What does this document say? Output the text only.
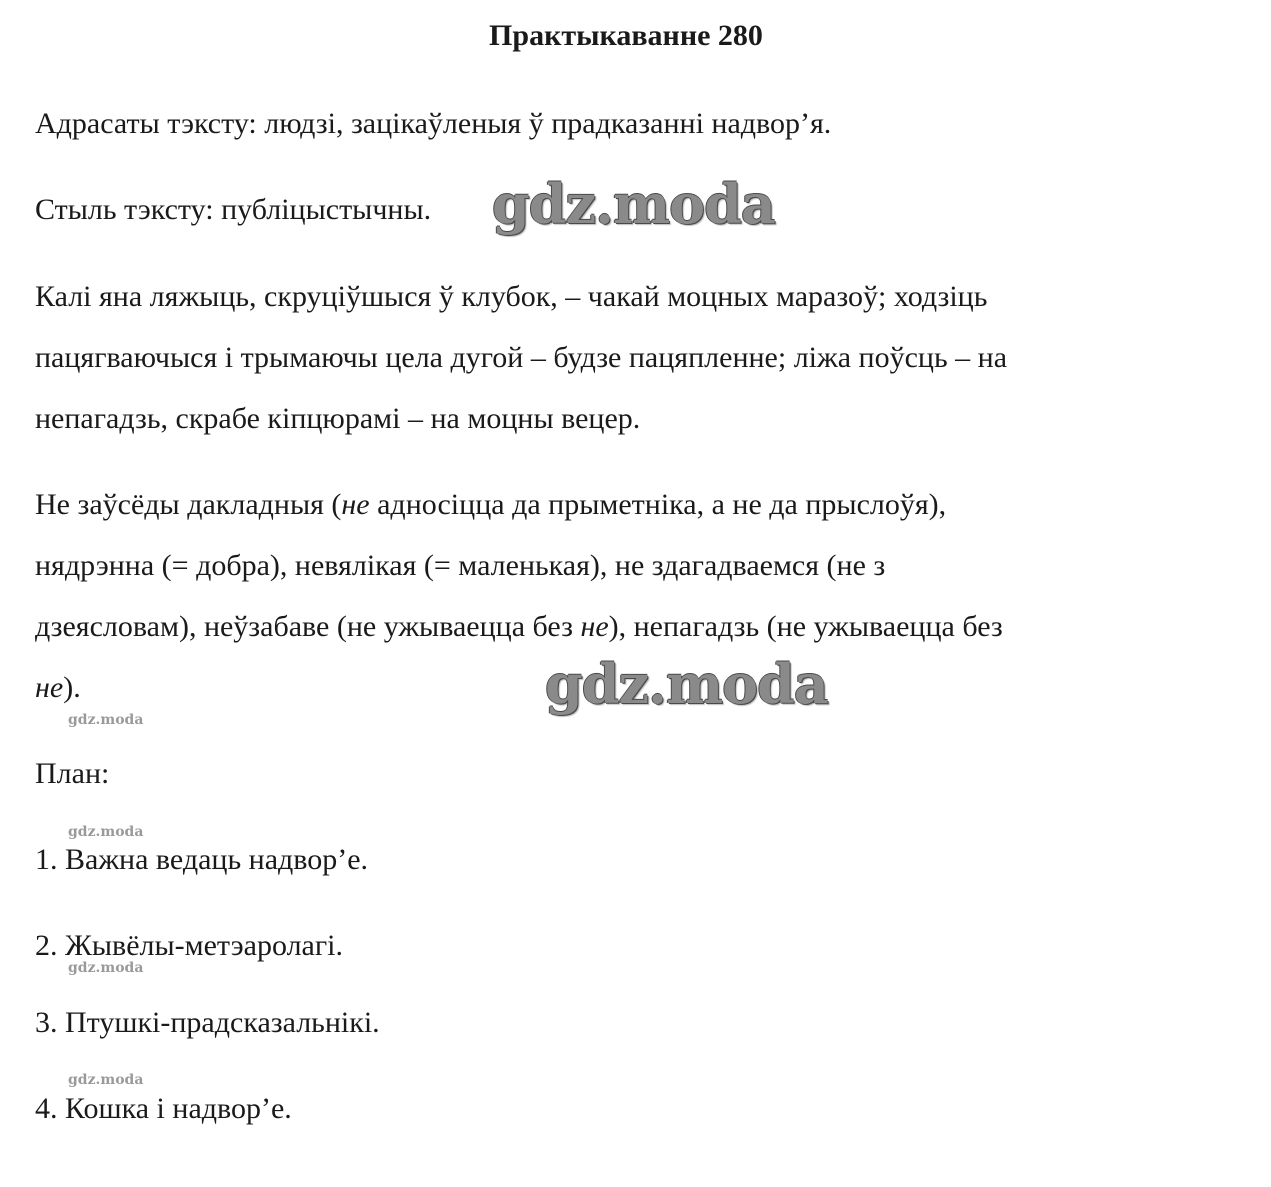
Практыкаванне 280

Адрасаты тэксту: людзі, зацікаўленыя ў прадказанні надвор’я.

Стыль тэксту: публіцыстычны.

Калі яна ляжыць, скруціўшыся ў клубок, – чакай моцных маразоў; ходзіць
пацягваючыся і трымаючы цела дугой – будзе пацяпленне; ліжа поўсць – на
непагадзь, скрабе кіпцюрамі – на моцны вецер.
Не заўсёды дакладныя (не адносіцца да прыметніка, а не да прыслоўя),
нядрэнна (= добра), невялікая (= маленькая), не здагадваемся (не з
дзеясловам), неўзабаве (не ужываецца без не), непагадзь (не ужываецца без
не).

План:

1. Важна ведаць надвор’е.

2. Жывёлы-метэаролагі.

3. Птушкі-прадсказальнікі.

4. Кошка і надвор’е.

gdz.moda
gdz.moda
gdz.moda
gdz.moda
gdz.moda
gdz.moda
